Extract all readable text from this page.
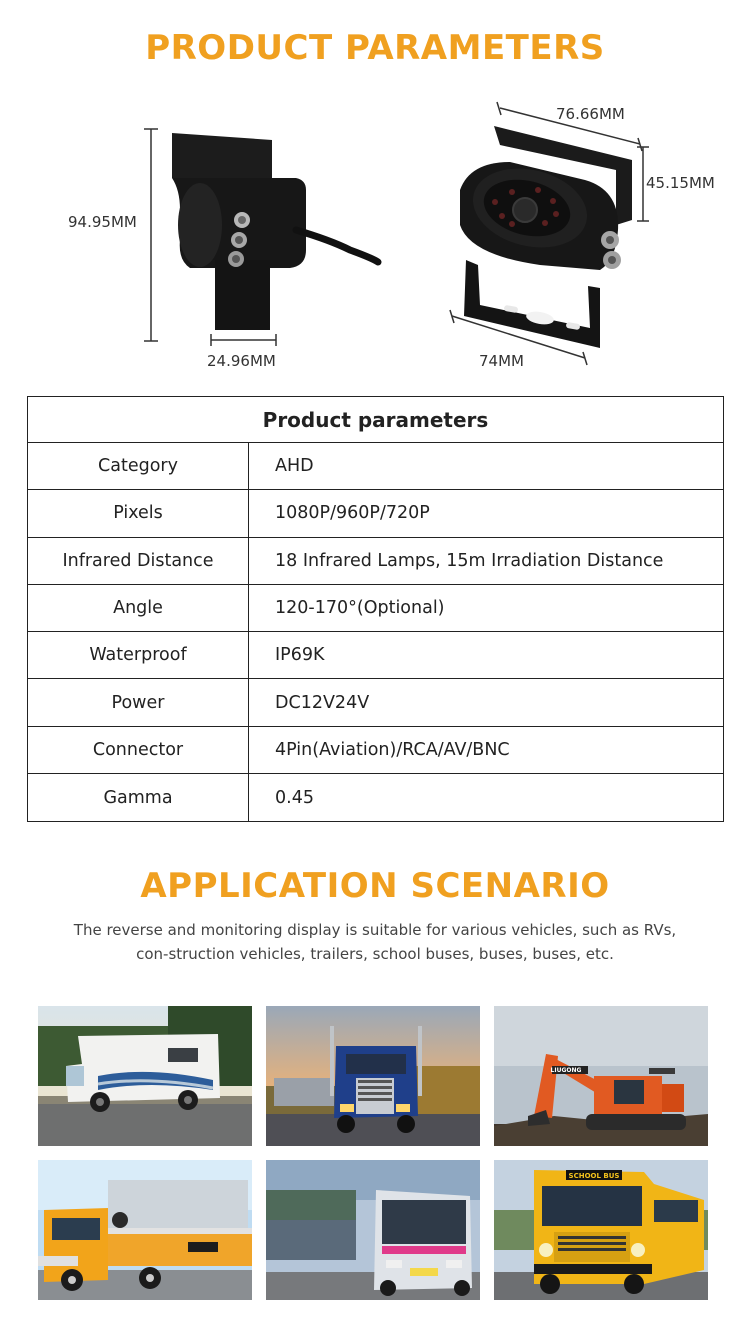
PRODUCT PARAMETERS
94.95MM
24.96MM
76.66MM
45.15MM
74MM
Product parameters
Category	AHD
Pixels	1080P/960P/720P
Infrared Distance	18 Infrared Lamps, 15m Irradiation Distance
Angle	120-170°(Optional)
Waterproof	IP69K
Power	DC12V24V
Connector	4Pin(Aviation)/RCA/AV/BNC
Gamma	0.45
APPLICATION SCENARIO
The reverse and monitoring display is suitable for various vehicles, such as RVs, con-struction vehicles, trailers, school buses, buses, buses, etc.
LIUGONG
SCHOOL BUS
